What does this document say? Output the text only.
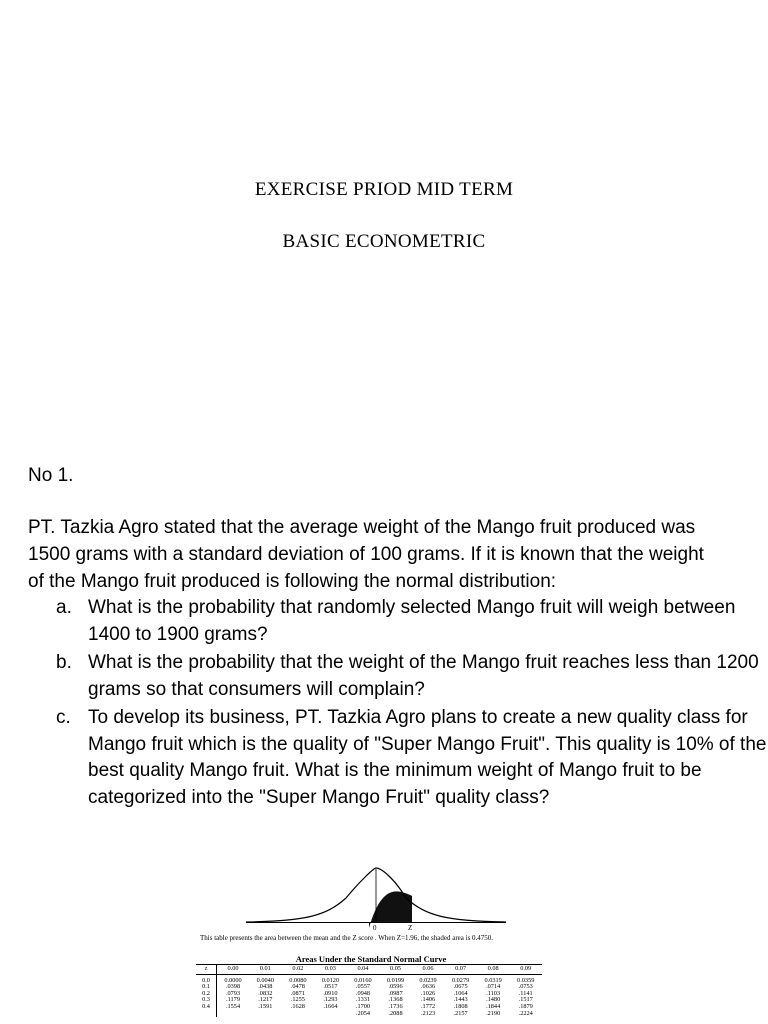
EXERCISE PRIOD MID TERM
BASIC ECONOMETRIC
No 1.
PT. Tazkia Agro stated that the average weight of the Mango fruit produced was 1500 grams with a standard deviation of 100 grams. If it is known that the weight of the Mango fruit produced is following the normal distribution:
a. What is the probability that randomly selected Mango fruit will weigh between 1400 to 1900 grams?
b. What is the probability that the weight of the Mango fruit reaches less than 1200 grams so that consumers will complain?
c. To develop its business, PT. Tazkia Agro plans to create a new quality class for Mango fruit which is the quality of "Super Mango Fruit". This quality is 10% of the best quality Mango fruit. What is the minimum weight of Mango fruit to be categorized into the "Super Mango Fruit" quality class?
0	Z
This table presents the area between the mean and the Z score . When Z=1.96, the shaded area is 0.4750.
Areas Under the Standard Normal Curve
z	0.00	0.01	0.02	0.03	0.04	0.05	0.06	0.07	0.08	0.09
0.0	0.0000	0.0040	0.0080	0.0120	0.0160	0.0199	0.0239	0.0279	0.0319	0.0359
0.1	.0398	.0438	.0478	.0517	.0557	.0596	.0636	.0675	.0714	.0753
0.2	.0793	.0832	.0871	.0910	.0948	.0987	.1026	.1064	.1103	.1141
0.3	.1179	.1217	.1255	.1293	.1331	.1368	.1406	.1443	.1480	.1517
0.4	.1554	.1591	.1628	.1664	.1700	.1736	.1772	.1808	.1844	.1879
					.2054	.2088	.2123	.2157	.2190	.2224
